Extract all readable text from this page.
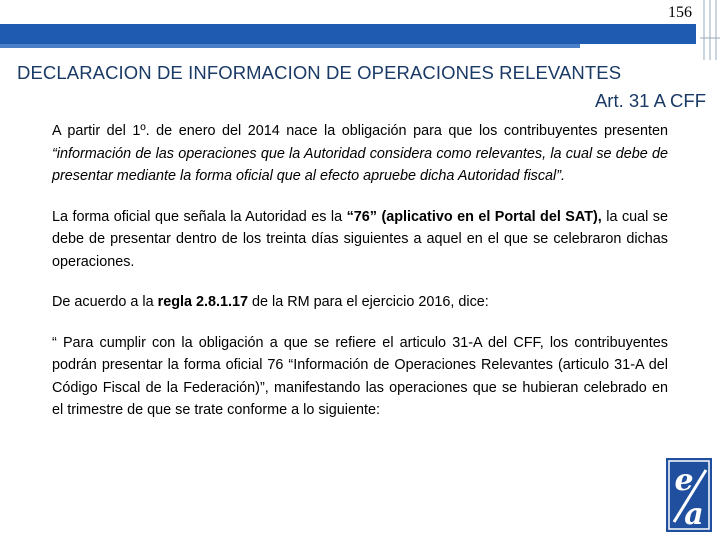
156
DECLARACION DE INFORMACION DE OPERACIONES RELEVANTES
Art. 31 A CFF

A partir del 1º. de enero del 2014 nace la obligación para que los contribuyentes presenten “información de las operaciones que la Autoridad considera como relevantes, la cual se debe de presentar mediante la forma oficial que al efecto apruebe dicha Autoridad fiscal”.

La forma oficial que señala la Autoridad es la “76” (aplicativo en el Portal del SAT), la cual se debe de presentar dentro de los treinta días siguientes a aquel en el que se celebraron dichas operaciones.

De acuerdo a la regla 2.8.1.17 de la RM para el ejercicio 2016, dice:

“ Para cumplir con la obligación a que se refiere el articulo 31-A del CFF, los contribuyentes podrán presentar la forma oficial 76 “Información de Operaciones Relevantes (articulo 31-A del Código Fiscal de la Federación)”, manifestando las operaciones que se hubieran celebrado en el trimestre de que se trate conforme a lo siguiente:

e
a
